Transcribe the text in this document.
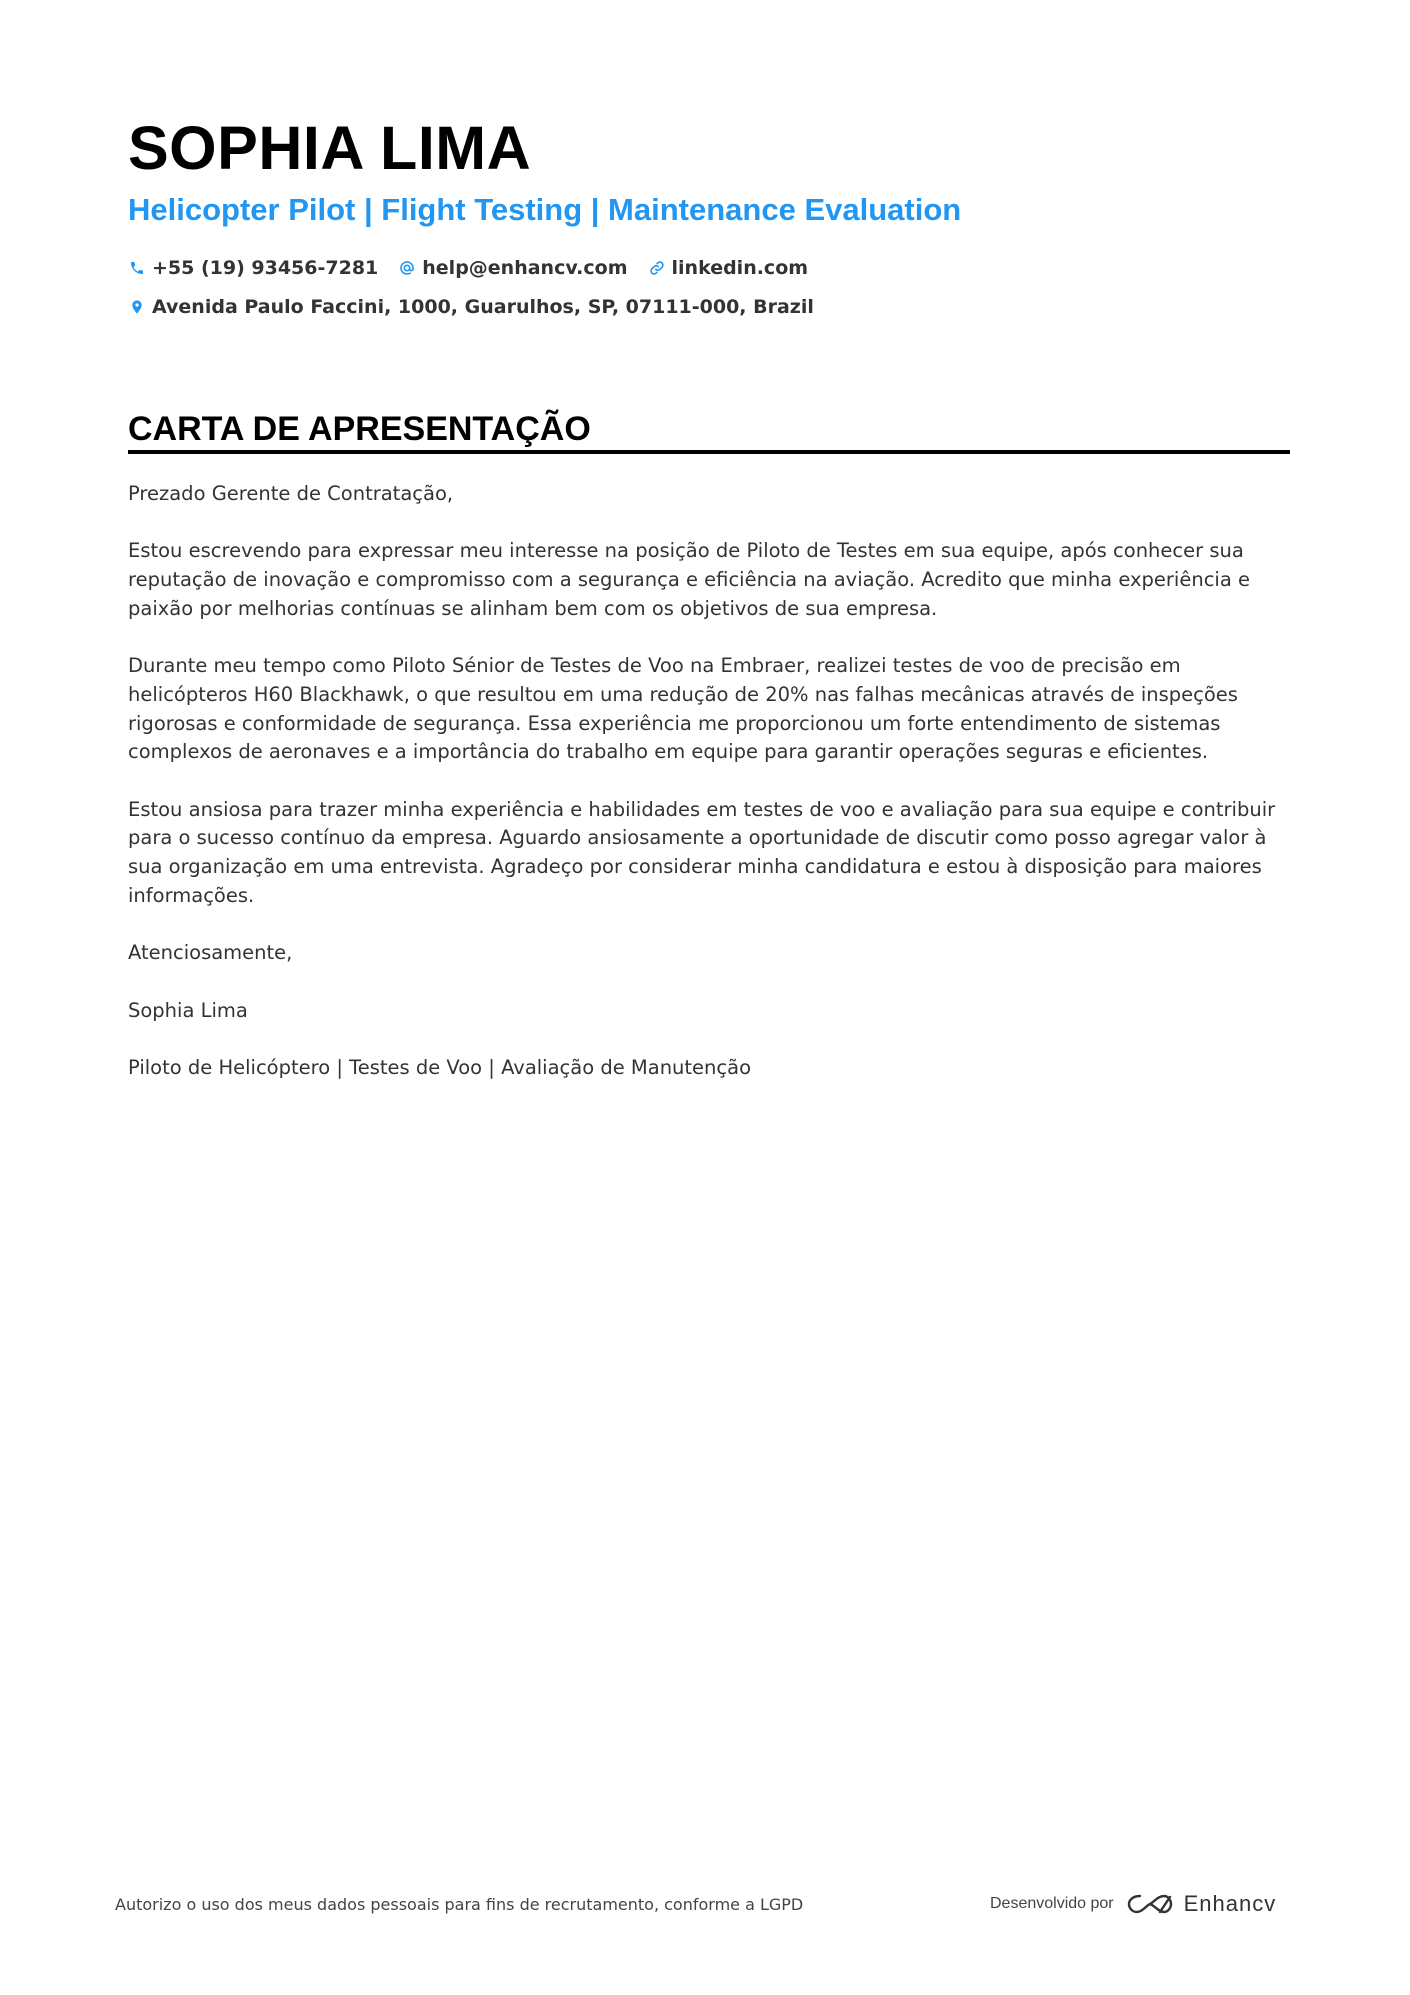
SOPHIA LIMA
Helicopter Pilot | Flight Testing | Maintenance Evaluation
+55 (19) 93456-7281 help@enhancv.com linkedin.com
Avenida Paulo Faccini, 1000, Guarulhos, SP, 07111-000, Brazil
CARTA DE APRESENTAÇÃO

Prezado Gerente de Contratação,

Estou escrevendo para expressar meu interesse na posição de Piloto de Testes em sua equipe, após conhecer sua reputação de inovação e compromisso com a segurança e eficiência na aviação. Acredito que minha experiência e paixão por melhorias contínuas se alinham bem com os objetivos de sua empresa.

Durante meu tempo como Piloto Sénior de Testes de Voo na Embraer, realizei testes de voo de precisão em helicópteros H60 Blackhawk, o que resultou em uma redução de 20% nas falhas mecânicas através de inspeções rigorosas e conformidade de segurança. Essa experiência me proporcionou um forte entendimento de sistemas complexos de aeronaves e a importância do trabalho em equipe para garantir operações seguras e eficientes.

Estou ansiosa para trazer minha experiência e habilidades em testes de voo e avaliação para sua equipe e contribuir para o sucesso contínuo da empresa. Aguardo ansiosamente a oportunidade de discutir como posso agregar valor à sua organização em uma entrevista. Agradeço por considerar minha candidatura e estou à disposição para maiores informações.

Atenciosamente,

Sophia Lima

Piloto de Helicóptero | Testes de Voo | Avaliação de Manutenção

Autorizo o uso dos meus dados pessoais para fins de recrutamento, conforme a LGPD	Desenvolvido por	Enhancv
